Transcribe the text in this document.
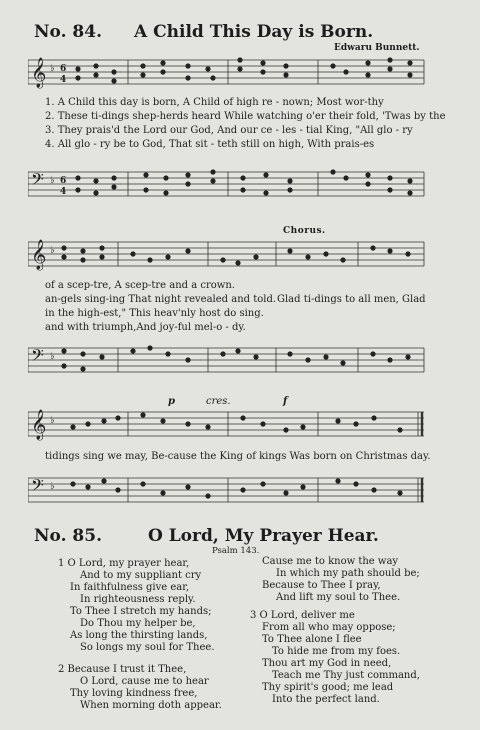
No. 84. A Child This Day is Born.
Edwaru Bunnett.
𝄞 ♭ 6
4
1. A Child this day is born, A Child of high re - nown; Most wor-thy
2. These ti-dings shep-herds heard While watching o'er their fold, 'Twas by the
3. They prais'd the Lord our God, And our ce - les - tial King, "All glo - ry
4. All glo - ry be to God, That sit - teth still on high, With prais-es
𝄢 ♭ 6
4
Chorus.
𝄞 ♭
of a scep-tre, A scep-tre and a crown.
an-gels sing-ing That night revealed and told. Glad ti-dings to all men, Glad
in the high-est," This heav'nly host do sing.
and with triumph,And joy-ful mel-o - dy.
𝄢 ♭
p	cres.	f
𝄞 ♭
tidings sing we may, Be-cause the King of kings Was born on Christmas day.
𝄢 ♭
No. 85.	O Lord, My Prayer Hear.
Psalm 143.
1 O Lord, my prayer hear,
And to my suppliant cry
In faithfulness give ear,
In righteousness reply.
To Thee I stretch my hands;
Do Thou my helper be,
As long the thirsting lands,
So longs my soul for Thee.
2 Because I trust it Thee,
O Lord, cause me to hear
Thy loving kindness free,
When morning doth appear.
Cause me to know the way
In which my path should be;
Because to Thee I pray,
And lift my soul to Thee.
3 O Lord, deliver me
From all who may oppose;
To Thee alone I flee
To hide me from my foes.
Thou art my God in need,
Teach me Thy just command,
Thy spirit's good; me lead
Into the perfect land.
